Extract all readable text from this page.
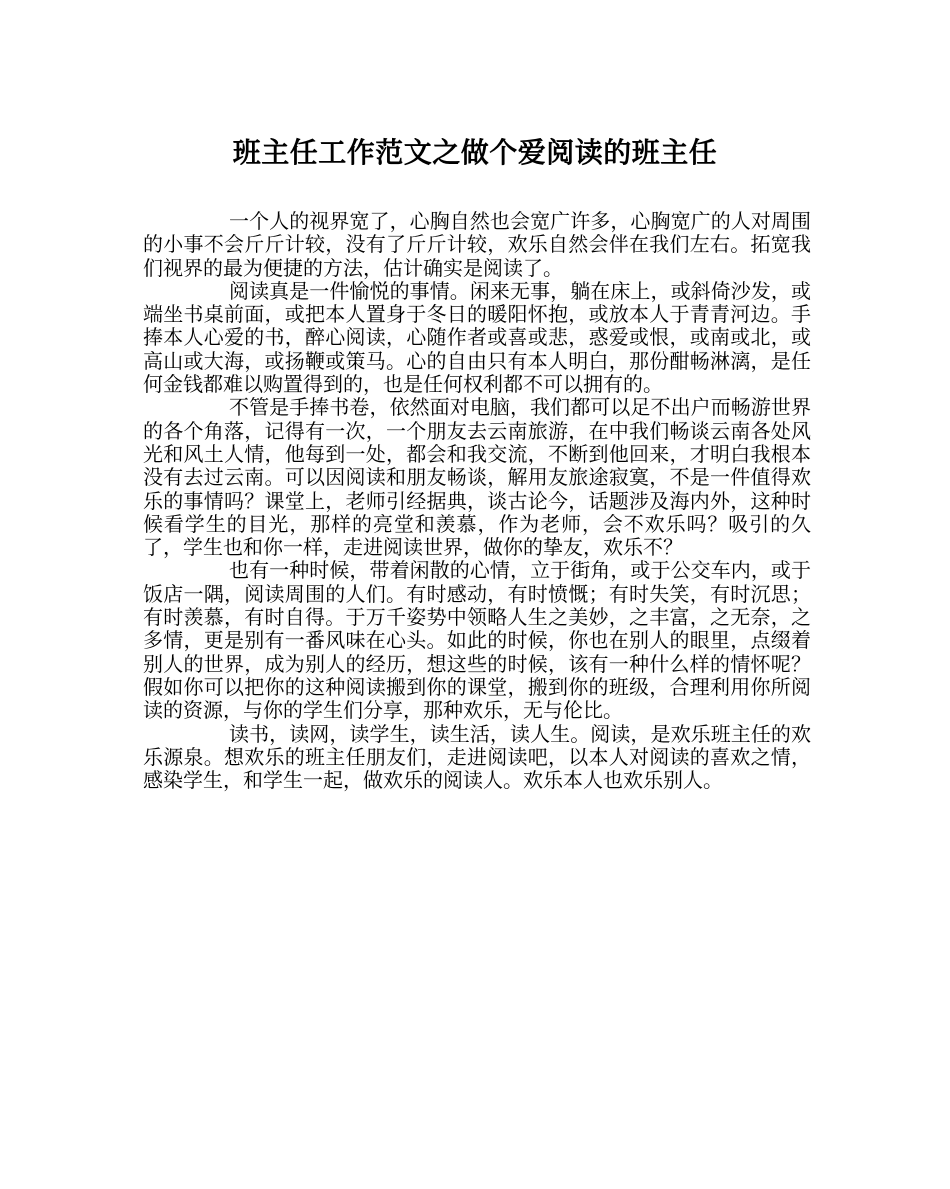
班主任工作范文之做个爱阅读的班主任

一个人的视界宽了，心胸自然也会宽广许多，心胸宽广的人对周围的小事不会斤斤计较，没有了斤斤计较，欢乐自然会伴在我们左右。拓宽我们视界的最为便捷的方法，估计确实是阅读了。

阅读真是一件愉悦的事情。闲来无事，躺在床上，或斜倚沙发，或端坐书桌前面，或把本人置身于冬日的暖阳怀抱，或放本人于青青河边。手捧本人心爱的书，醉心阅读，心随作者或喜或悲，惑爱或恨，或南或北，或高山或大海，或扬鞭或策马。心的自由只有本人明白，那份酣畅淋漓，是任何金钱都难以购置得到的，也是任何权利都不可以拥有的。

不管是手捧书卷，依然面对电脑，我们都可以足不出户而畅游世界的各个角落，记得有一次，一个朋友去云南旅游，在中我们畅谈云南各处风光和风土人情，他每到一处，都会和我交流，不断到他回来，才明白我根本没有去过云南。可以因阅读和朋友畅谈，解用友旅途寂寞，不是一件值得欢乐的事情吗？课堂上，老师引经据典，谈古论今，话题涉及海内外，这种时候看学生的目光，那样的亮堂和羡慕，作为老师，会不欢乐吗？吸引的久了，学生也和你一样，走进阅读世界，做你的挚友，欢乐不？

也有一种时候，带着闲散的心情，立于街角，或于公交车内，或于饭店一隅，阅读周围的人们。有时感动，有时愤慨；有时失笑，有时沉思；有时羡慕，有时自得。于万千姿势中领略人生之美妙，之丰富，之无奈，之多情，更是别有一番风味在心头。如此的时候，你也在别人的眼里，点缀着别人的世界，成为别人的经历，想这些的时候，该有一种什么样的情怀呢？假如你可以把你的这种阅读搬到你的课堂，搬到你的班级，合理利用你所阅读的资源，与你的学生们分享，那种欢乐，无与伦比。

读书，读网，读学生，读生活，读人生。阅读，是欢乐班主任的欢乐源泉。想欢乐的班主任朋友们，走进阅读吧，以本人对阅读的喜欢之情，感染学生，和学生一起，做欢乐的阅读人。欢乐本人也欢乐别人。
